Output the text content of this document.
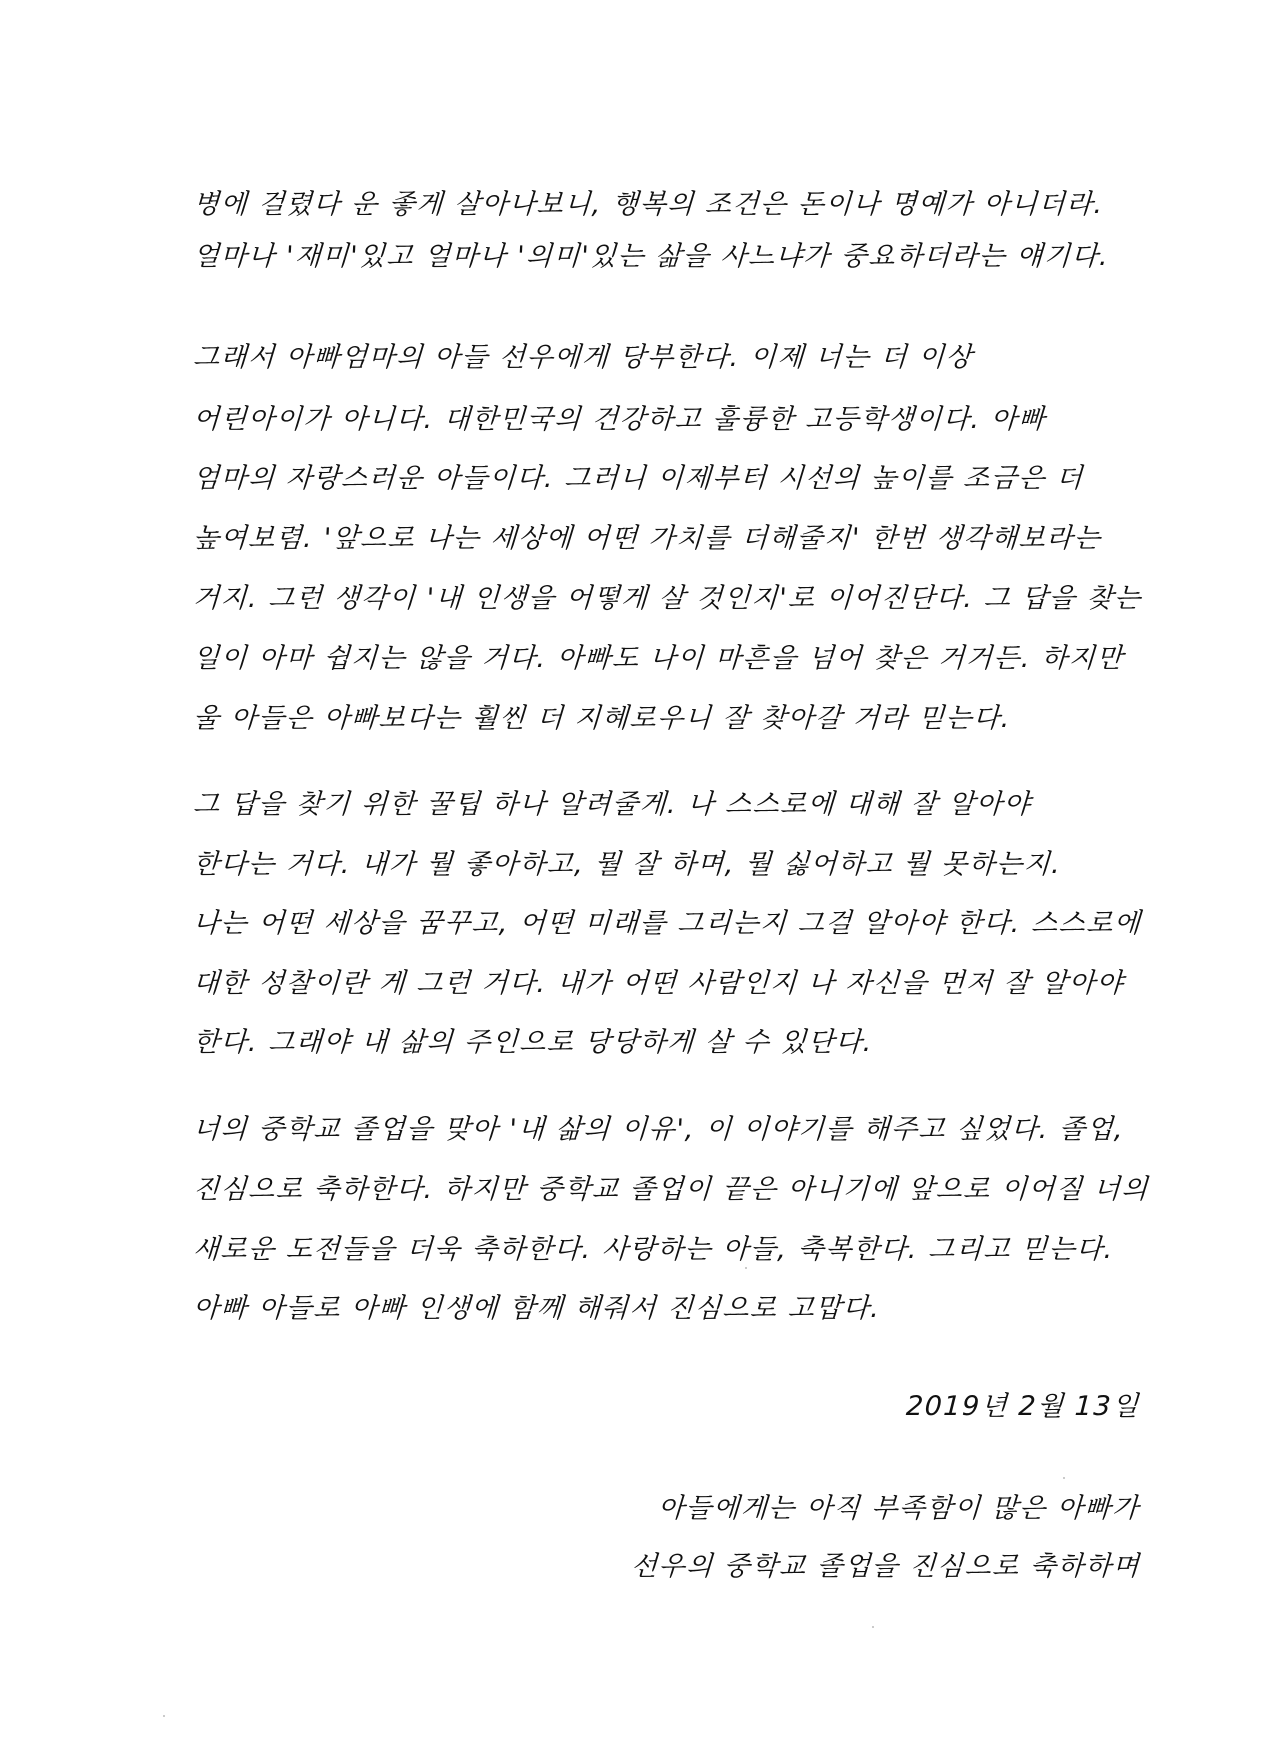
병에 걸렸다 운 좋게 살아나보니, 행복의 조건은 돈이나 명예가 아니더라.
얼마나 '재미'있고 얼마나 '의미'있는 삶을 사느냐가 중요하더라는 얘기다.
그래서 아빠엄마의 아들 선우에게 당부한다. 이제 너는 더 이상
어린아이가 아니다. 대한민국의 건강하고 훌륭한 고등학생이다. 아빠
엄마의 자랑스러운 아들이다. 그러니 이제부터 시선의 높이를 조금은 더
높여보렴. '앞으로 나는 세상에 어떤 가치를 더해줄지' 한번 생각해보라는
거지. 그런 생각이 '내 인생을 어떻게 살 것인지'로 이어진단다. 그 답을 찾는
일이 아마 쉽지는 않을 거다. 아빠도 나이 마흔을 넘어 찾은 거거든. 하지만
울 아들은 아빠보다는 훨씬 더 지혜로우니 잘 찾아갈 거라 믿는다.
그 답을 찾기 위한 꿀팁 하나 알려줄게. 나 스스로에 대해 잘 알아야
한다는 거다. 내가 뭘 좋아하고, 뭘 잘 하며, 뭘 싫어하고 뭘 못하는지.
나는 어떤 세상을 꿈꾸고, 어떤 미래를 그리는지 그걸 알아야 한다. 스스로에
대한 성찰이란 게 그런 거다. 내가 어떤 사람인지 나 자신을 먼저 잘 알아야
한다. 그래야 내 삶의 주인으로 당당하게 살 수 있단다.
너의 중학교 졸업을 맞아 '내 삶의 이유', 이 이야기를 해주고 싶었다. 졸업,
진심으로 축하한다. 하지만 중학교 졸업이 끝은 아니기에 앞으로 이어질 너의
새로운 도전들을 더욱 축하한다. 사랑하는 아들, 축복한다. 그리고 믿는다.
아빠 아들로 아빠 인생에 함께 해줘서 진심으로 고맙다.
2019년 2월 13일
아들에게는 아직 부족함이 많은 아빠가
선우의 중학교 졸업을 진심으로 축하하며
